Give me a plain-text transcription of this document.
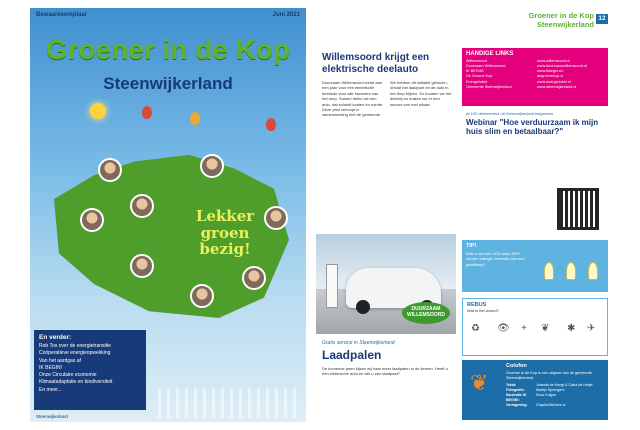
Bewaarexemplaar	Juni 2021
Groener in de Kop
Steenwijkerland
Lekker groen bezig!
En verder:
Rob Tos over de energietransitie
Coöperatieve energieopwekking
Van het aardgas af
IK BEGIN!
Onze Circulaire economie
Klimaatadaptatie en biodiversiteit
En meer...
Steenwijkerland
Willemsoord krijgt een elektrische deelauto
Duurzaam Willemsoord werkt aan een plan voor een elektrische deelauto voor alle inwoners van het dorp. Samen delen we een auto, dat scheelt kosten én ruimte. Deze pilot verloopt in samenwerking met de gemeente.
We hebben dit initiatief gekozen, omdat het laadpunt en de auto in het dorp blijven. Zo houden we het dichtbij en maken we er een succes van met elkaar.
DUURZAAM WILLEMSOORD
Gratis service in Steenwijkerland
Laadpalen
De komende jaren kijken wij naar meer laadpalen in de kernen. Heeft u een elektrische auto en wilt u een laadpaal?
Groener in de Kop
Steenwijkerland
12
HANDIGE LINKS
Willemsoord	www.willemsoord.nl
Duurzaam Willemsoord	www.duurzaamwillemsoord.nl
IK BEGIN!	www.ikbegin.nu
De Groene Kop	degroenekop.nl
Energieloket	www.energieloket.nl
Gemeente Steenwijkerland	www.steenwijkerland.nl
Al 100 deelnemers uit Steenwijkerland begonnen
Webinar "Hoe verduurzaam ik mijn huis slim en betaalbaar?"
TIP!
Wist u dat een LED-lamp 90% minder energie verbruikt dan een gloeilamp?
REBUS
Wat is het woord?
♻ 👁 + ❦ ✱ ✈
❦
Colofon
Groener in de Kop is een uitgave van de gemeente Steenwijkerland.
Tekst:	Jolanda de Knegt & Ciska de Heijer
Fotografie:	Martijn Sprengers
Illustratie IK BEGIN!:
Suus Kuijper
Vormgeving:	GraphicStichers.nl
